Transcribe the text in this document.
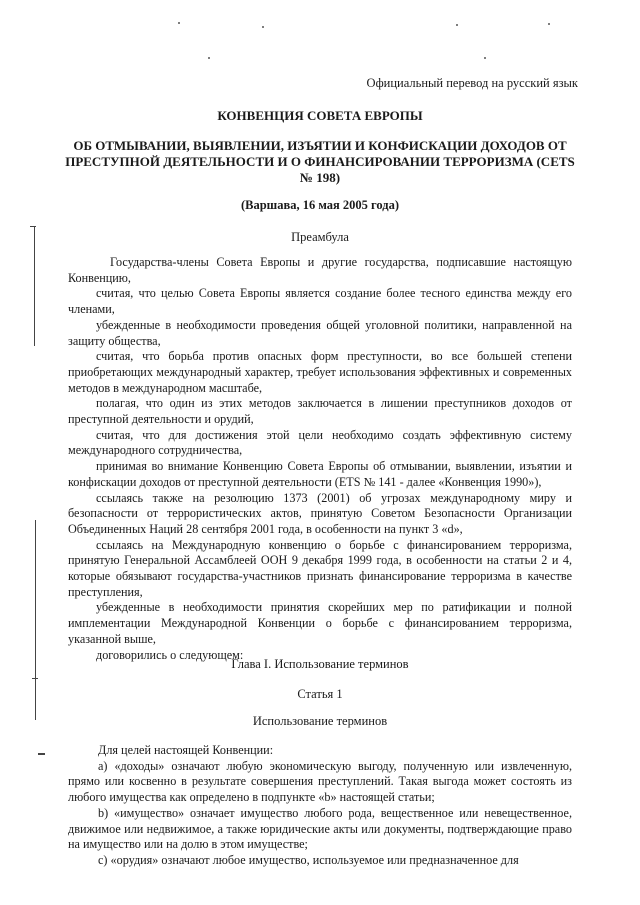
Официальный перевод на русский язык
КОНВЕНЦИЯ СОВЕТА ЕВРОПЫ
ОБ ОТМЫВАНИИ, ВЫЯВЛЕНИИ, ИЗЪЯТИИ И КОНФИСКАЦИИ ДОХОДОВ ОТ ПРЕСТУПНОЙ ДЕЯТЕЛЬНОСТИ И О ФИНАНСИРОВАНИИ ТЕРРОРИЗМА (CETS № 198)
(Варшава, 16 мая 2005 года)
Преамбула

Государства-члены Совета Европы и другие государства, подписавшие настоящую Конвенцию,

считая, что целью Совета Европы является создание более тесного единства между его членами,

убежденные в необходимости проведения общей уголовной политики, направленной на защиту общества,

считая, что борьба против опасных форм преступности, во все большей степени приобретающих международный характер, требует использования эффективных и современных методов в международном масштабе,

полагая, что один из этих методов заключается в лишении преступников доходов от преступной деятельности и орудий,

считая, что для достижения этой цели необходимо создать эффективную систему международного сотрудничества,

принимая во внимание Конвенцию Совета Европы об отмывании, выявлении, изъятии и конфискации доходов от преступной деятельности (ETS № 141 - далее «Конвенция 1990»),

ссылаясь также на резолюцию 1373 (2001) об угрозах международному миру и безопасности от террористических актов, принятую Советом Безопасности Организации Объединенных Наций 28 сентября 2001 года, в особенности на пункт 3 «d»,

ссылаясь на Международную конвенцию о борьбе с финансированием терроризма, принятую Генеральной Ассамблеей ООН 9 декабря 1999 года, в особенности на статьи 2 и 4, которые обязывают государства-участников признать финансирование терроризма в качестве преступления,

убежденные в необходимости принятия скорейших мер по ратификации и полной имплементации Международной Конвенции о борьбе с финансированием терроризма, указанной выше,

договорились о следующем:

Глава I. Использование терминов
Статья 1
Использование терминов

Для целей настоящей Конвенции:

a) «доходы» означают любую экономическую выгоду, полученную или извлеченную, прямо или косвенно в результате совершения преступлений. Такая выгода может состоять из любого имущества как определено в подпункте «b» настоящей статьи;

b) «имущество» означает имущество любого рода, вещественное или невещественное, движимое или недвижимое, а также юридические акты или документы, подтверждающие право на имущество или на долю в этом имуществе;

c) «орудия» означают любое имущество, используемое или предназначенное для
